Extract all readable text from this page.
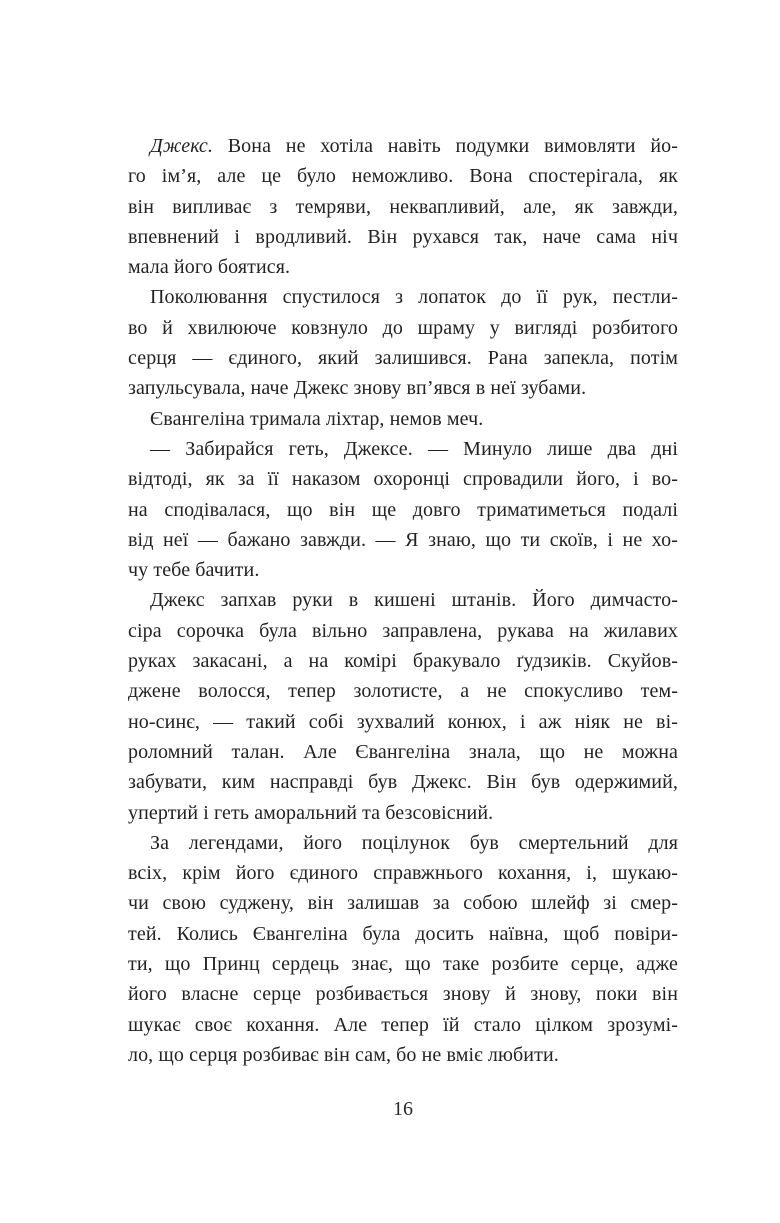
Джекс. Вона не хотіла навіть подумки вимовляти йо-
го ім’я, але це було неможливо. Вона спостерігала, як
він випливає з темряви, неквапливий, але, як завжди,
впевнений і вродливий. Він рухався так, наче сама ніч
мала його боятися.
Поколювання спустилося з лопаток до її рук, пестли-
во й хвилююче ковзнуло до шраму у вигляді розбитого
серця — єдиного, який залишився. Рана запекла, потім
запульсувала, наче Джекс знову вп’явся в неї зубами.
Євангеліна тримала ліхтар, немов меч.
— Забирайся геть, Джексе. — Минуло лише два дні
відтоді, як за її наказом охоронці спровадили його, і во-
на сподівалася, що він ще довго триматиметься подалі
від неї — бажано завжди. — Я знаю, що ти скоїв, і не хо-
чу тебе бачити.
Джекс запхав руки в кишені штанів. Його димчасто-
сіра сорочка була вільно заправлена, рукава на жилавих
руках закасані, а на комірі бракувало ґудзиків. Скуйов-
джене волосся, тепер золотисте, а не спокусливо тем-
но-синє, — такий собі зухвалий конюх, і аж ніяк не ві-
роломний талан. Але Євангеліна знала, що не можна
забувати, ким насправді був Джекс. Він був одержимий,
упертий і геть аморальний та безсовісний.
За легендами, його поцілунок був смертельний для
всіх, крім його єдиного справжнього кохання, і, шукаю-
чи свою суджену, він залишав за собою шлейф зі смер-
тей. Колись Євангеліна була досить наївна, щоб повіри-
ти, що Принц сердець знає, що таке розбите серце, адже
його власне серце розбивається знову й знову, поки він
шукає своє кохання. Але тепер їй стало цілком зрозумі-
ло, що серця розбиває він сам, бо не вміє любити.
16
